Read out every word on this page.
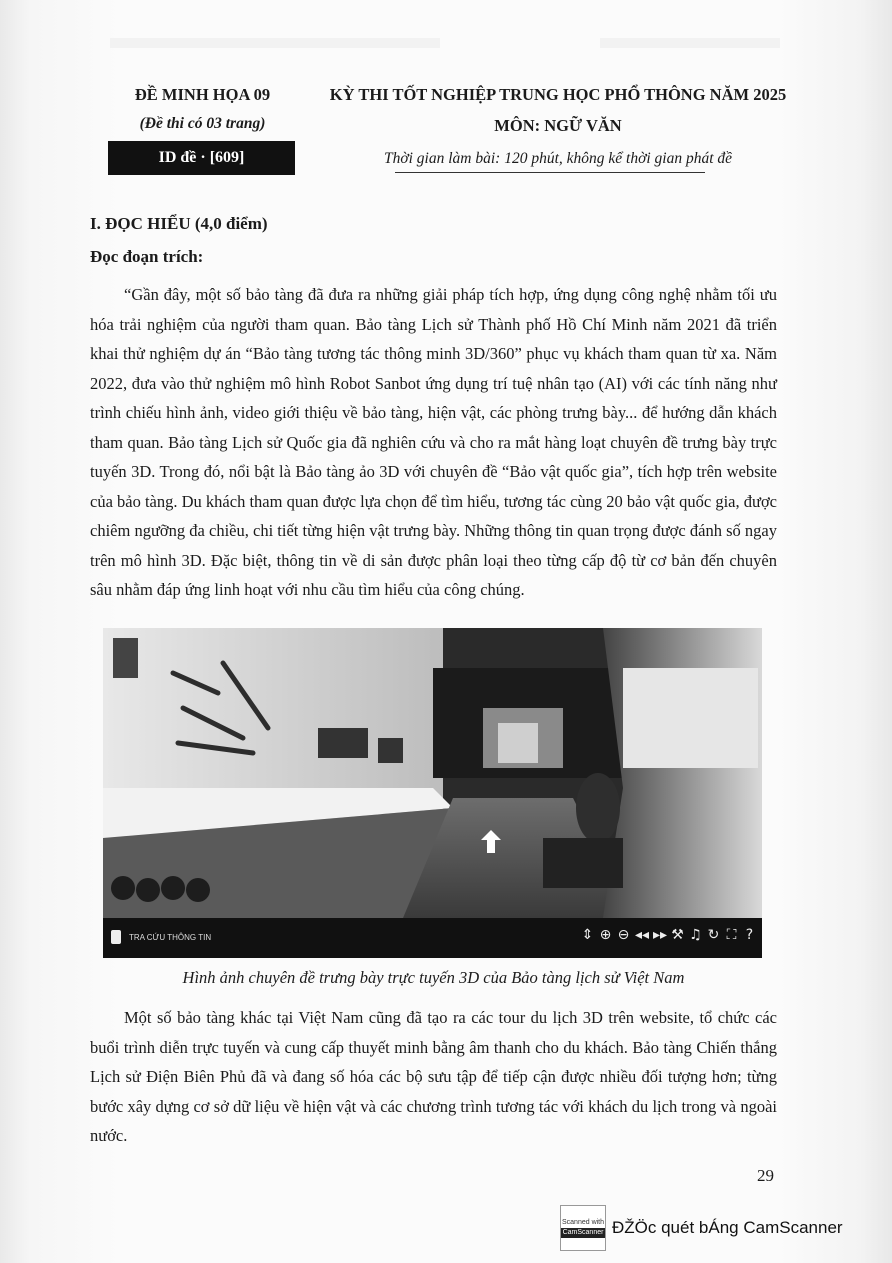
ĐỀ MINH HỌA 09
(Đề thi có 03 trang)
ID đề · [609]
KỲ THI TỐT NGHIỆP TRUNG HỌC PHỔ THÔNG NĂM 2025
MÔN: NGỮ VĂN
Thời gian làm bài: 120 phút, không kể thời gian phát đề
I. ĐỌC HIỂU (4,0 điểm)
Đọc đoạn trích:
“Gần đây, một số bảo tàng đã đưa ra những giải pháp tích hợp, ứng dụng công nghệ nhằm tối ưu hóa trải nghiệm của người tham quan. Bảo tàng Lịch sử Thành phố Hồ Chí Minh năm 2021 đã triển khai thử nghiệm dự án “Bảo tàng tương tác thông minh 3D/360” phục vụ khách tham quan từ xa. Năm 2022, đưa vào thử nghiệm mô hình Robot Sanbot ứng dụng trí tuệ nhân tạo (AI) với các tính năng như trình chiếu hình ảnh, video giới thiệu về bảo tàng, hiện vật, các phòng trưng bày... để hướng dẫn khách tham quan. Bảo tàng Lịch sử Quốc gia đã nghiên cứu và cho ra mắt hàng loạt chuyên đề trưng bày trực tuyến 3D. Trong đó, nổi bật là Bảo tàng ảo 3D với chuyên đề “Bảo vật quốc gia”, tích hợp trên website của bảo tàng. Du khách tham quan được lựa chọn để tìm hiểu, tương tác cùng 20 bảo vật quốc gia, được chiêm ngưỡng đa chiều, chi tiết từng hiện vật trưng bày. Những thông tin quan trọng được đánh số ngay trên mô hình 3D. Đặc biệt, thông tin về di sản được phân loại theo từng cấp độ từ cơ bản đến chuyên sâu nhằm đáp ứng linh hoạt với nhu cầu tìm hiểu của công chúng.
TRA CỨU THÔNG TIN	⇕ ⊕ ⊖ ◂◂ ▸▸ ⚒ ♫ ↻ ⛶ ?
Hình ảnh chuyên đề trưng bày trực tuyến 3D của Bảo tàng lịch sử Việt Nam
Một số bảo tàng khác tại Việt Nam cũng đã tạo ra các tour du lịch 3D trên website, tổ chức các buổi trình diễn trực tuyến và cung cấp thuyết minh bằng âm thanh cho du khách. Bảo tàng Chiến thắng Lịch sử Điện Biên Phủ đã và đang số hóa các bộ sưu tập để tiếp cận được nhiều đối tượng hơn; từng bước xây dựng cơ sở dữ liệu về hiện vật và các chương trình tương tác với khách du lịch trong và ngoài nước.
29
Scanned with
CamScanner ĐŽÖc quét bÁng CamScanner
